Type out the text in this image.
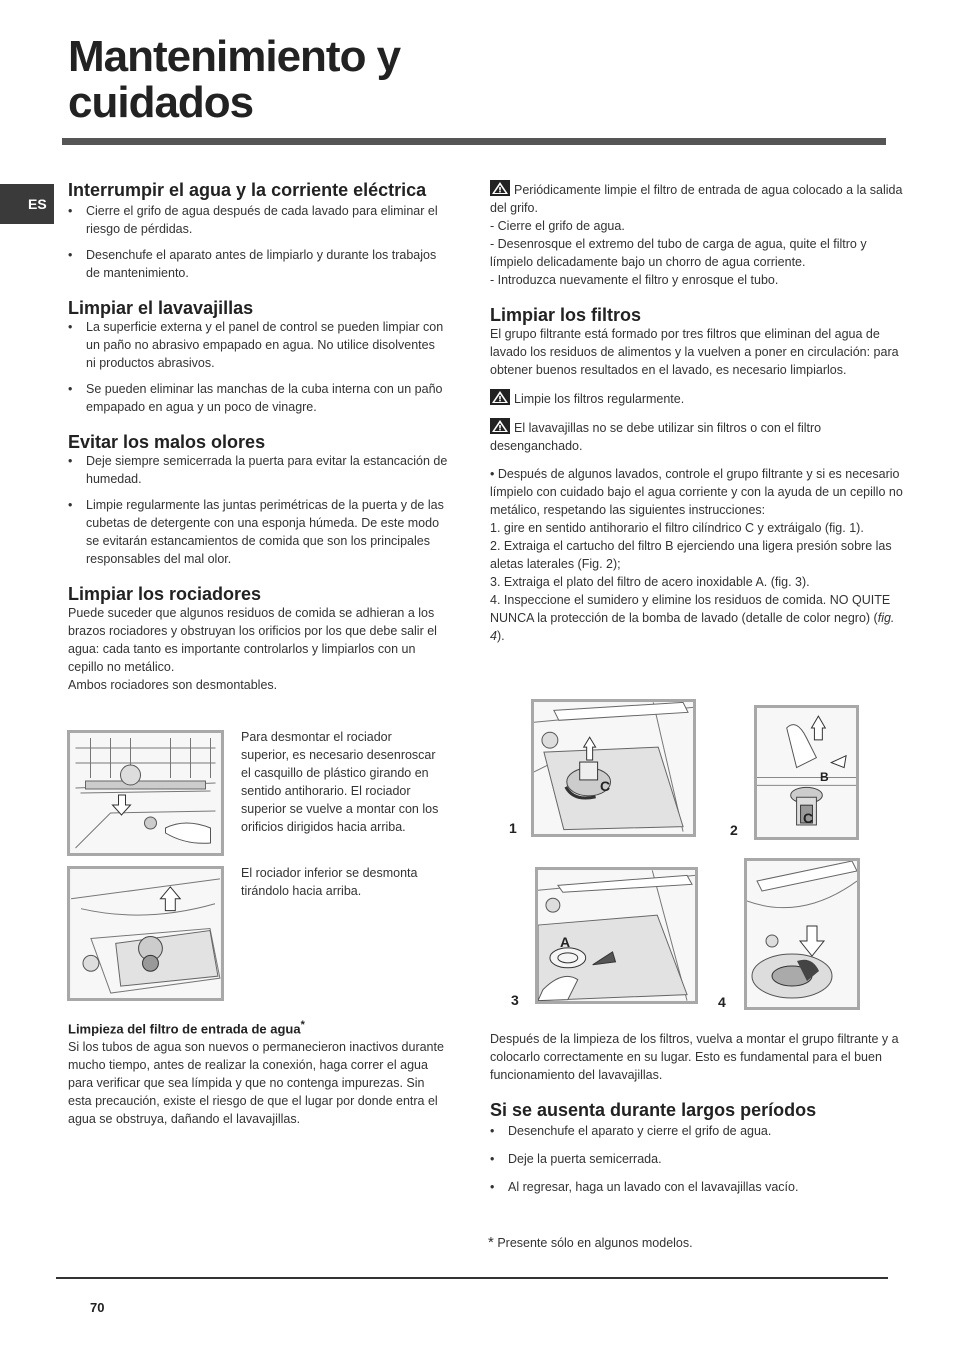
Mantenimiento y
cuidados
ES
Interrumpir el agua y la corriente eléctrica
• Cierre el grifo de agua después de cada lavado para eliminar el riesgo de pérdidas.
• Desenchufe el aparato antes de limpiarlo y durante los trabajos de mantenimiento.
Limpiar el lavavajillas
• La superficie externa y el panel de control se pueden limpiar con un paño no abrasivo empapado en agua. No utilice disolventes ni productos abrasivos.
• Se pueden eliminar las manchas de la cuba interna con un paño empapado en agua y un poco de vinagre.
Evitar los malos olores
• Deje siempre semicerrada la puerta para evitar la estancación de humedad.
• Limpie regularmente las juntas perimétricas de la puerta y de las cubetas de detergente con una esponja húmeda. De este modo se evitarán estancamientos de comida que son los principales responsables del mal olor.
Limpiar los rociadores

Puede suceder que algunos residuos de comida se adhieran a los brazos rociadores y obstruyan los orificios por los que debe salir el agua: cada tanto es importante controlarlos y limpiarlos con un cepillo no metálico.

Ambos rociadores son desmontables.

Para desmontar el rociador superior, es necesario desenroscar el casquillo de plástico girando en sentido antihorario. El rociador superior se vuelve a montar con los orificios dirigidos hacia arriba.
El rociador inferior se desmonta tirándolo hacia arriba.
Limpieza del filtro de entrada de agua*

Si los tubos de agua son nuevos o permanecieron inactivos durante mucho tiempo, antes de realizar la conexión, haga correr el agua para verificar que sea límpida y que no contenga impurezas. Sin esta precaución, existe el riesgo de que el lugar por donde entra el agua se obstruya, dañando el lavavajillas.

Periódicamente limpie el filtro de entrada de agua colocado a la salida del grifo.

- Cierre el grifo de agua.

- Desenrosque el extremo del tubo de carga de agua, quite el filtro y límpielo delicadamente bajo un chorro de agua corriente.

- Introduzca nuevamente el filtro y enrosque el tubo.

Limpiar los filtros

El grupo filtrante está formado por tres filtros que eliminan del agua de lavado los residuos de alimentos y la vuelven a poner en circulación: para obtener buenos resultados en el lavado, es necesario limpiarlos.

Limpie los filtros regularmente.

El lavavajillas no se debe utilizar sin filtros o con el filtro desenganchado.

• Después de algunos lavados, controle el grupo filtrante y si es necesario límpielo con cuidado bajo el agua corriente y con la ayuda de un cepillo no metálico, respetando las siguientes instrucciones:

1. gire en sentido antihorario el filtro cilíndrico C y extráigalo (fig. 1).

2. Extraiga el cartucho del filtro B ejerciendo una ligera presión sobre las aletas laterales (Fig. 2);

3. Extraiga el plato del filtro de acero inoxidable A. (fig. 3).

4. Inspeccione el sumidero y elimine los residuos de comida. NO QUITE NUNCA la protección de la bomba de lavado (detalle de color negro) (fig. 4).

C
1
B
C
2
A
3	4

Después de la limpieza de los filtros, vuelva a montar el grupo filtrante y a colocarlo correctamente en su lugar. Esto es fundamental para el buen funcionamiento del lavavajillas.

Si se ausenta durante largos períodos
• Desenchufe el aparato y cierre el grifo de agua.
• Deje la puerta semicerrada.
• Al regresar, haga un lavado con el lavavajillas vacío.
* Presente sólo en algunos modelos.
70
